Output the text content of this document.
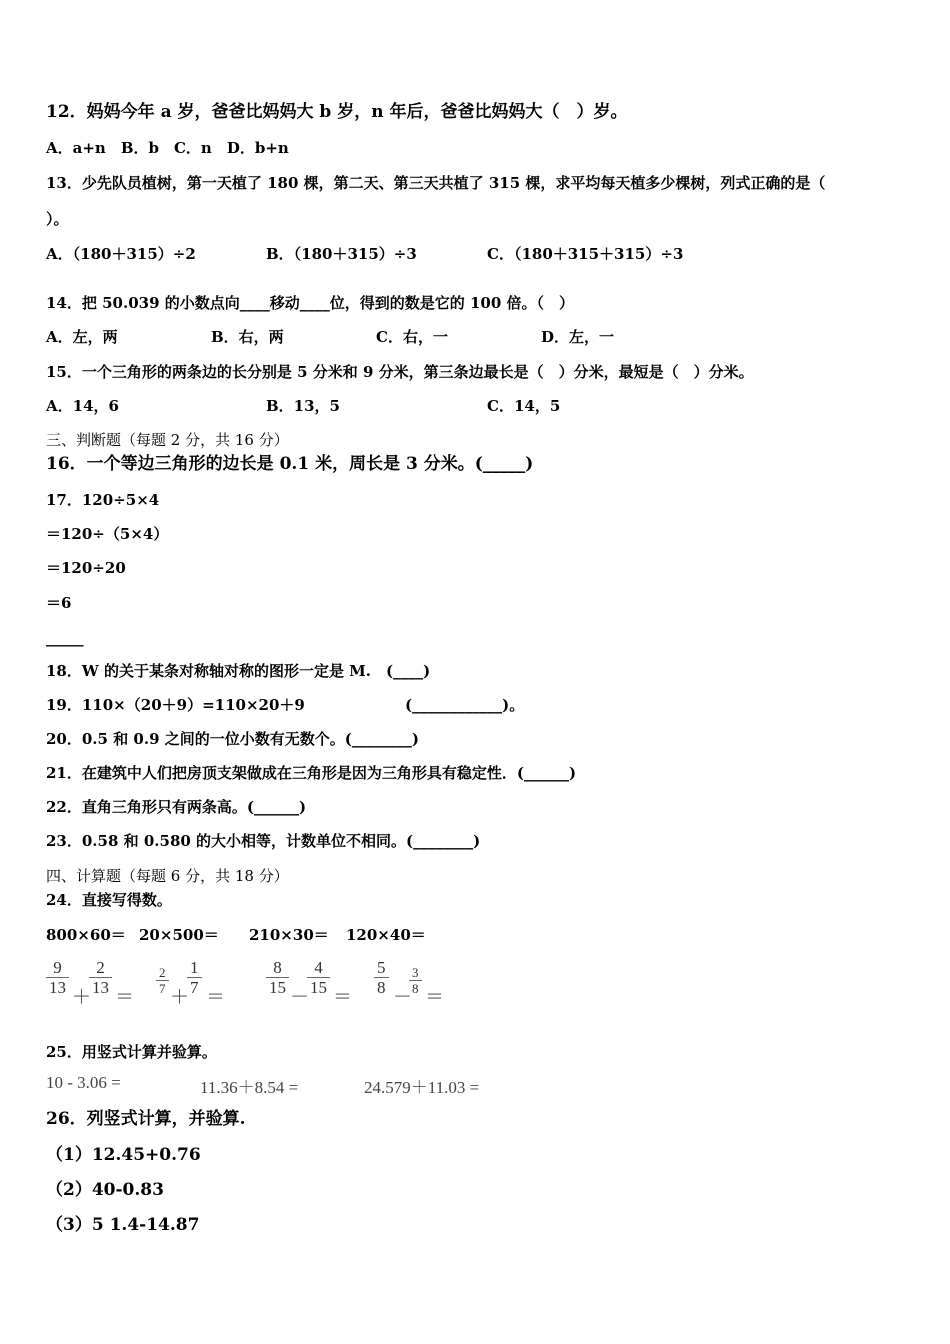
12．妈妈今年 a 岁，爸爸比妈妈大 b 岁，n 年后，爸爸比妈妈大（　）岁。
A．a+n　B．b　C．n　D．b+n
13．少先队员植树，第一天植了 180 棵，第二天、第三天共植了 315 棵，求平均每天植多少棵树，列式正确的是（
）。
A．（180＋315）÷2	B．（180＋315）÷3	C．（180＋315＋315）÷3
14．把 50.039 的小数点向____移动____位，得到的数是它的 100 倍。（　）
A．左，两	B．右，两	C．右，一	D．左，一
15．一个三角形的两条边的长分别是 5 分米和 9 分米，第三条边最长是（　）分米，最短是（　）分米。
A．14，6	B．13，5	C．14，5
三、判断题（每题 2 分，共 16 分）
16．一个等边三角形的边长是 0.1 米，周长是 3 分米。(_____)
17．120÷5×4
＝120÷（5×4）
＝120÷20
＝6
_____
18．W 的关于某条对称轴对称的图形一定是 M.　(____)
19．110×（20＋9）=110×20＋9	(____________)。
20．0.5 和 0.9 之间的一位小数有无数个。(________)
21．在建筑中人们把房顶支架做成在三角形是因为三角形具有稳定性．(______)
22．直角三角形只有两条高。(______)
23．0.58 和 0.580 的大小相等，计数单位不相同。(________)
四、计算题（每题 6 分，共 18 分）
24．直接写得数。
800×60＝ 20×500＝ 210×30＝ 120×40＝
$\frac{9}{13}$
＋
$\frac{2}{13}$
＝
$\frac{2}{7}$
＋
$\frac{1}{7}$
＝
$\frac{8}{15}$
－
$\frac{4}{15}$
＝
$\frac{5}{8}$
－
$\frac{3}{8}$
＝
25．用竖式计算并验算。
10 - 3.06 =	11.36＋8.54 =	24.579＋11.03 =
26．列竖式计算，并验算.
（1）12.45+0.76
（2）40-0.83
（3）5 1.4-14.87
